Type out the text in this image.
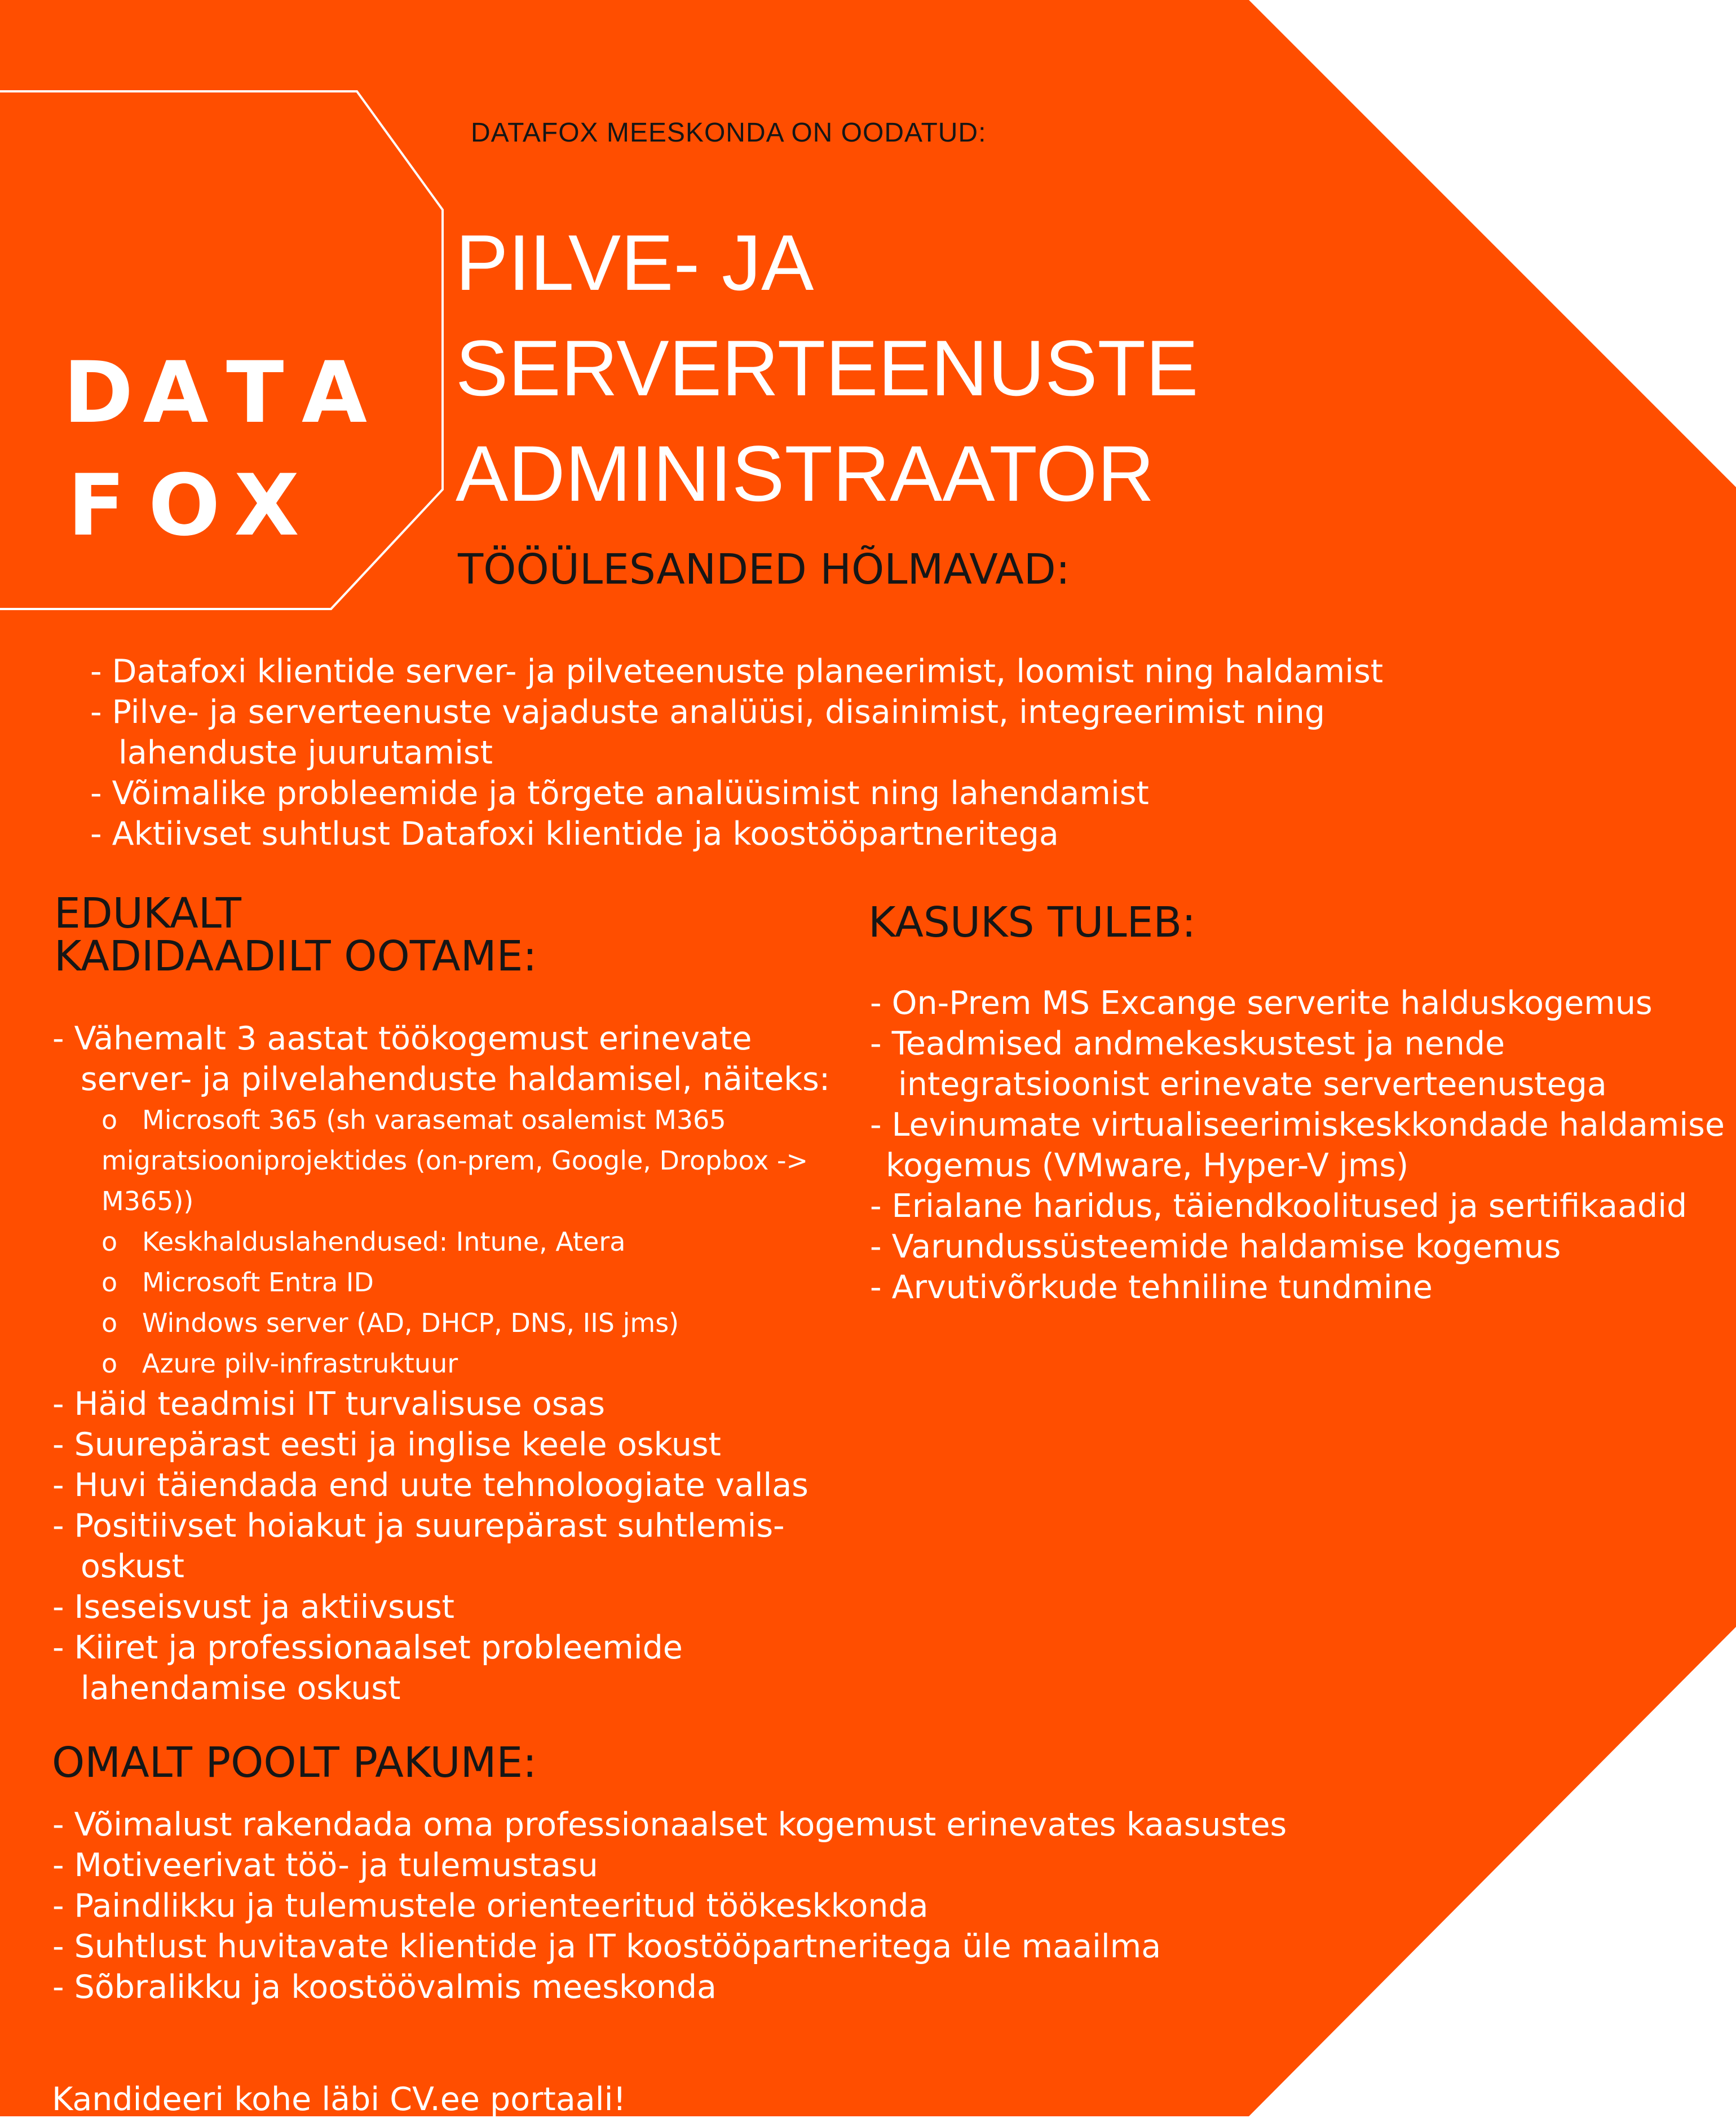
D A T A
F O X

DATAFOX MEESKONDA ON OODATUD:

PILVE- JA
SERVERTEENUSTE
ADMINISTRAATOR
TÖÖÜLESANDED HÕLMAVAD:
- Datafoxi klientide server- ja pilveteenuste planeerimist, loomist ning haldamist
- Pilve- ja serverteenuste vajaduste analüüsi, disainimist, integreerimist ning
lahenduste juurutamist
- Võimalike probleemide ja tõrgete analüüsimist ning lahendamist
- Aktiivset suhtlust Datafoxi klientide ja koostööpartneritega
EDUKALT
KADIDAADILT OOTAME:
- Vähemalt 3 aastat töökogemust erinevate
server- ja pilvelahenduste haldamisel, näiteks:
o Microsoft 365 (sh varasemat osalemist M365
migratsiooniprojektides (on-prem, Google, Dropbox ->
M365))
o Keskhalduslahendused: Intune, Atera
o Microsoft Entra ID
o Windows server (AD, DHCP, DNS, IIS jms)
o Azure pilv-infrastruktuur
- Häid teadmisi IT turvalisuse osas
- Suurepärast eesti ja inglise keele oskust
- Huvi täiendada end uute tehnoloogiate vallas
- Positiivset hoiakut ja suurepärast suhtlemis-
oskust
- Iseseisvust ja aktiivsust
- Kiiret ja professionaalset probleemide
lahendamise oskust
KASUKS TULEB:
- On-Prem MS Excange serverite halduskogemus
- Teadmised andmekeskustest ja nende
integratsioonist erinevate serverteenustega
- Levinumate virtualiseerimiskeskkondade haldamise
kogemus (VMware, Hyper-V jms)
- Erialane haridus, täiendkoolitused ja sertifikaadid
- Varundussüsteemide haldamise kogemus
- Arvutivõrkude tehniline tundmine
OMALT POOLT PAKUME:
- Võimalust rakendada oma professionaalset kogemust erinevates kaasustes
- Motiveerivat töö- ja tulemustasu
- Paindlikku ja tulemustele orienteeritud töökeskkonda
- Suhtlust huvitavate klientide ja IT koostööpartneritega üle maailma
- Sõbralikku ja koostöövalmis meeskonda

Kandideeri kohe läbi CV.ee portaali!
